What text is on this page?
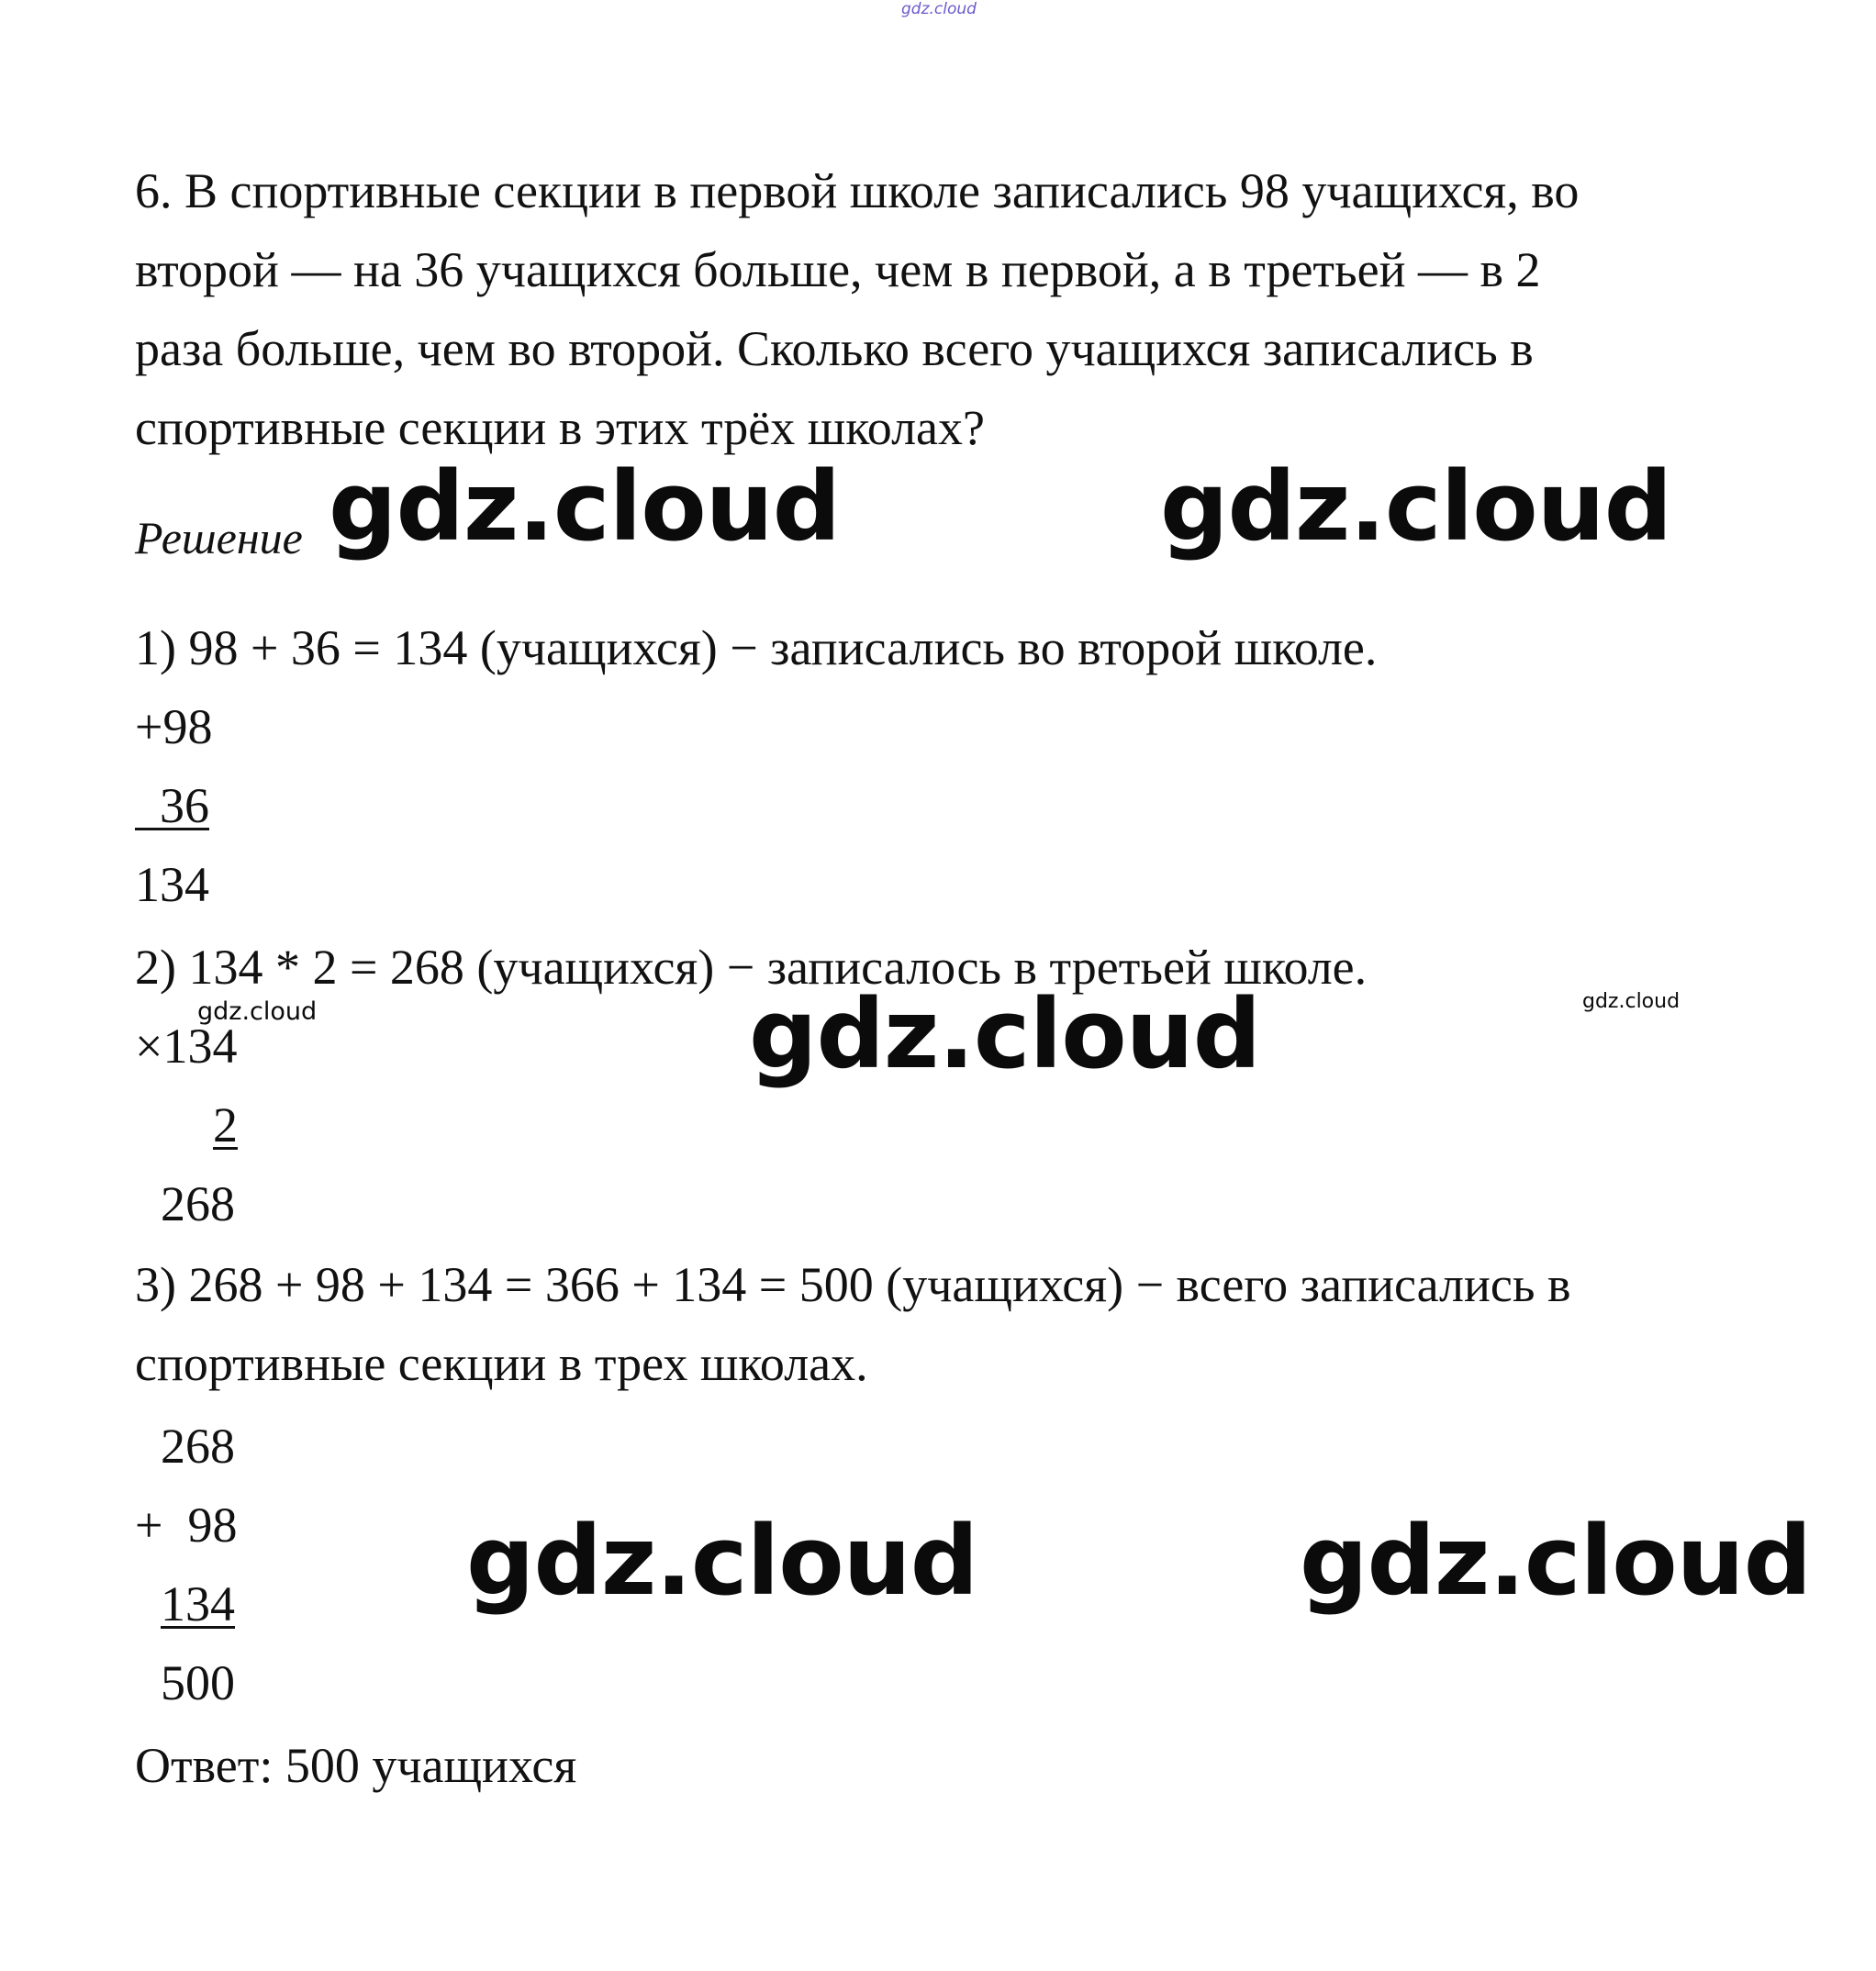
gdz.cloud
6. В спортивные секции в первой школе записались 98 учащихся, во
второй — на 36 учащихся больше, чем в первой, а в третьей — в 2
раза больше, чем во второй. Сколько всего учащихся записались в
спортивные секции в этих трёх школах?
Решение
1) 98 + 36 = 134 (учащихся) − записались во второй школе.
+98
36
134
2) 134 * 2 = 268 (учащихся) − записалось в третьей школе.
×134
2
268
3) 268 + 98 + 134 = 366 + 134 = 500 (учащихся) − всего записались в
спортивные секции в трех школах.
268
+  98
134
500
Ответ: 500 учащихся
gdz.cloud	gdz.cloud
gdz.cloud
gdz.cloud	gdz.cloud
gdz.cloud	gdz.cloud
